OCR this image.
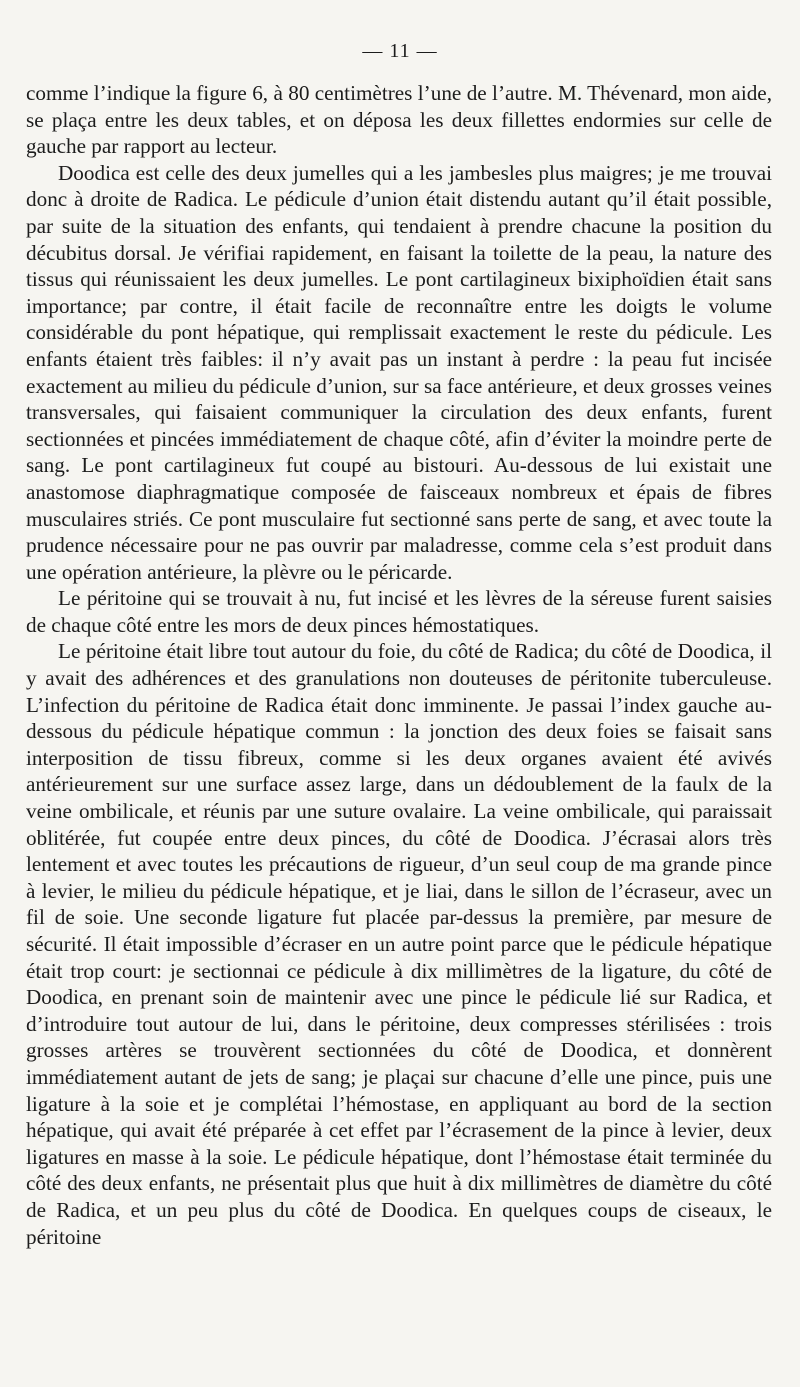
— 11 —

comme l’indique la figure 6, à 80 centimètres l’une de l’autre. M. Thévenard, mon aide, se plaça entre les deux tables, et on déposa les deux fillettes endormies sur celle de gauche par rapport au lecteur.

Doodica est celle des deux jumelles qui a les jambesles plus maigres; je me trouvai donc à droite de Radica. Le pédicule d’union était distendu autant qu’il était possible, par suite de la situation des enfants, qui tendaient à prendre chacune la position du décubitus dorsal. Je vérifiai rapidement, en faisant la toilette de la peau, la nature des tissus qui réunissaient les deux jumelles. Le pont cartilagineux bixiphoïdien était sans importance; par contre, il était facile de reconnaître entre les doigts le volume considérable du pont hépatique, qui remplissait exactement le reste du pédicule. Les enfants étaient très faibles: il n’y avait pas un instant à perdre : la peau fut incisée exactement au milieu du pédicule d’union, sur sa face antérieure, et deux grosses veines transversales, qui faisaient communiquer la circulation des deux enfants, furent sectionnées et pincées immédiatement de chaque côté, afin d’éviter la moindre perte de sang. Le pont cartilagineux fut coupé au bistouri. Au-dessous de lui existait une anastomose diaphragmatique composée de faisceaux nombreux et épais de fibres musculaires striés. Ce pont musculaire fut sectionné sans perte de sang, et avec toute la prudence nécessaire pour ne pas ouvrir par maladresse, comme cela s’est produit dans une opération antérieure, la plèvre ou le péricarde.

Le péritoine qui se trouvait à nu, fut incisé et les lèvres de la séreuse furent saisies de chaque côté entre les mors de deux pinces hémostatiques.

Le péritoine était libre tout autour du foie, du côté de Radica; du côté de Doodica, il y avait des adhérences et des granulations non douteuses de péritonite tuberculeuse. L’infection du péritoine de Radica était donc imminente. Je passai l’index gauche au-dessous du pédicule hépatique commun : la jonction des deux foies se faisait sans interposition de tissu fibreux, comme si les deux organes avaient été avivés antérieurement sur une surface assez large, dans un dédoublement de la faulx de la veine ombilicale, et réunis par une suture ovalaire. La veine ombilicale, qui paraissait oblitérée, fut coupée entre deux pinces, du côté de Doodica. J’écrasai alors très lentement et avec toutes les précautions de rigueur, d’un seul coup de ma grande pince à levier, le milieu du pédicule hépatique, et je liai, dans le sillon de l’écraseur, avec un fil de soie. Une seconde ligature fut placée par-dessus la première, par mesure de sécurité. Il était impossible d’écraser en un autre point parce que le pédicule hépatique était trop court: je sectionnai ce pédicule à dix millimètres de la ligature, du côté de Doodica, en prenant soin de maintenir avec une pince le pédicule lié sur Radica, et d’introduire tout autour de lui, dans le péritoine, deux compresses stérilisées : trois grosses artères se trouvèrent sectionnées du côté de Doodica, et donnèrent immédiatement autant de jets de sang; je plaçai sur chacune d’elle une pince, puis une ligature à la soie et je complétai l’hémostase, en appliquant au bord de la section hépatique, qui avait été préparée à cet effet par l’écrasement de la pince à levier, deux ligatures en masse à la soie. Le pédicule hépatique, dont l’hémostase était terminée du côté des deux enfants, ne présentait plus que huit à dix millimètres de diamètre du côté de Radica, et un peu plus du côté de Doodica. En quelques coups de ciseaux, le péritoine
